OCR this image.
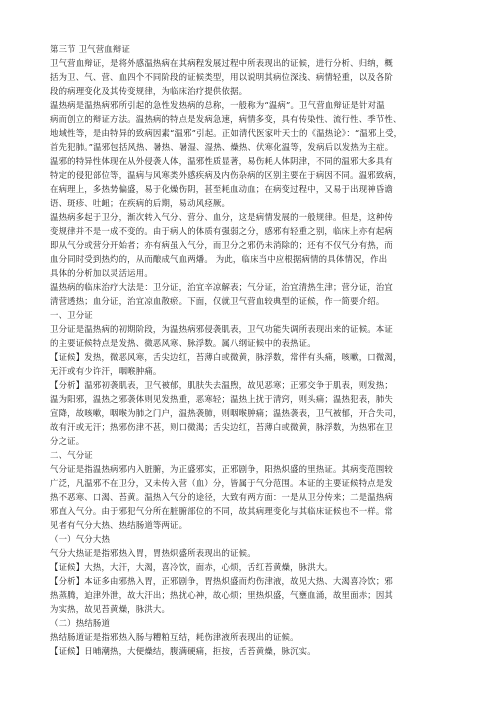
第三节 卫气营血辩证
卫气营血辩证，是将外感温热病在其病程发展过程中所表现出的证候，进行分析、归纳，概
括为卫、气、营、血四个不同阶段的证候类型，用以说明其病位深浅、病情轻重，以及各阶
段的病理变化及其传变规律，为临床治疗提供依据。
温热病是温热病邪所引起的急性发热病的总称，一般称为“温病”。卫气营血辩证是针对温
病而创立的辩证方法。温热病的特点是发病急速，病情多变，具有传染性、流行性、季节性、
地域性等，是由特异的致病因素“温邪”引起。正如清代医家叶天士的《温热论》：“温邪上受，
首先犯肺。”温邪包括风热、暑热、暑湿、湿热、燥热、伏寒化温等，发病后以发热为主症。
温邪的特异性体现在从外侵袭人体，温邪性质显著，易伤耗人体阴津，不同的温邪大多具有
特定的侵犯部位等，温病与风寒类外感疾病及内伤杂病的区别主要在于病因不同。温邪致病，
在病理上，多热势偏盛，易于化燥伤阴，甚至耗血动血；在病变过程中，又易于出现神昏谵
语、斑疹、吐衄；在疾病的后期，易动风痉厥。
温热病多起于卫分，渐次转入气分、营分、血分，这是病情发展的一般规律。但是，这种传
变规律并不是一成不变的。由于病人的体质有强弱之分，感邪有轻重之别，临床上亦有起病
即从气分或营分开始者；亦有病虽入气分，而卫分之邪仍未消除的；还有不仅气分有热，而
血分同时受到热灼的，从而酿成气血两燔。 为此，临床当中应根据病情的具体情况，作出
具体的分析加以灵活运用。
温热病的临床治疗大法是：卫分证，治宜辛凉解表；气分证，治宜清热生津；营分证，治宜
清营透热；血分证，治宜凉血散瘀。下面，仅就卫气营血较典型的证候，作一简要介绍。
一、卫分证
卫分证是温热病的初期阶段，为温热病邪侵袭肌表，卫气功能失调所表现出来的证候。本证
的主要证候特点是发热、微恶风寒、脉浮数。属八纲证候中的表热证。
【证候】发热，微恶风寒，舌尖边红，苔薄白或微黄，脉浮数，常伴有头痛，咳嗽，口微渴，
无汗或有少许汗，咽喉肿痛。
【分析】温邪初袭肌表，卫气被郁，肌肤失去温煦，故见恶寒；正邪交争于肌表，则发热；
温为阳邪，温热之邪袭体则见发热重，恶寒轻；温热上扰于清窍，则头痛；温热犯表，肺失
宣降，故咳嗽，咽喉为肺之门户，温热袭肺，则咽喉肿痛；温热袭表，卫气被郁，开合失司，
故有汗或无汗；热邪伤津不甚，则口微渴；舌尖边红，苔薄白或微黄，脉浮数，为热邪在卫
分之证。
二、气分证
气分证是指温热病邪内入脏腑，为正盛邪实，正邪剧争，阳热炽盛的里热证。其病变范围较
广泛，凡温邪不在卫分，又未传入营（血）分，皆属于气分范围。本证的主要证候特点是发
热不恶寒、口渴、苔黄。温热入气分的途径，大致有两方面：一是从卫分传来；二是温热病
邪直入气分。由于邪犯气分所在脏腑部位的不同，故其病理变化与其临床证候也不一样。常
见者有气分大热、热结肠道等两证。
（一）气分大热
气分大热证是指邪热入胃，胃热炽盛所表现出的证候。
【证候】大热，大汗，大渴，喜冷饮，面赤，心烦，舌红苔黄燥，脉洪大。
【分析】本证多由邪热入胃，正邪剧争，胃热炽盛而灼伤津液，故见大热、大渴喜冷饮；邪
热蒸腾，迫津外泄，故大汗出；热扰心神，故心烦；里热炽盛，气壅血涌，故里面赤；因其
为实热，故见苔黄燥，脉洪大。
（二）热结肠道
热结肠道证是指邪热入肠与糟粕互结，耗伤津液所表现出的证候。
【证候】日晡潮热，大便燥结，腹满硬痛，拒按，舌苔黄燥，脉沉实。
